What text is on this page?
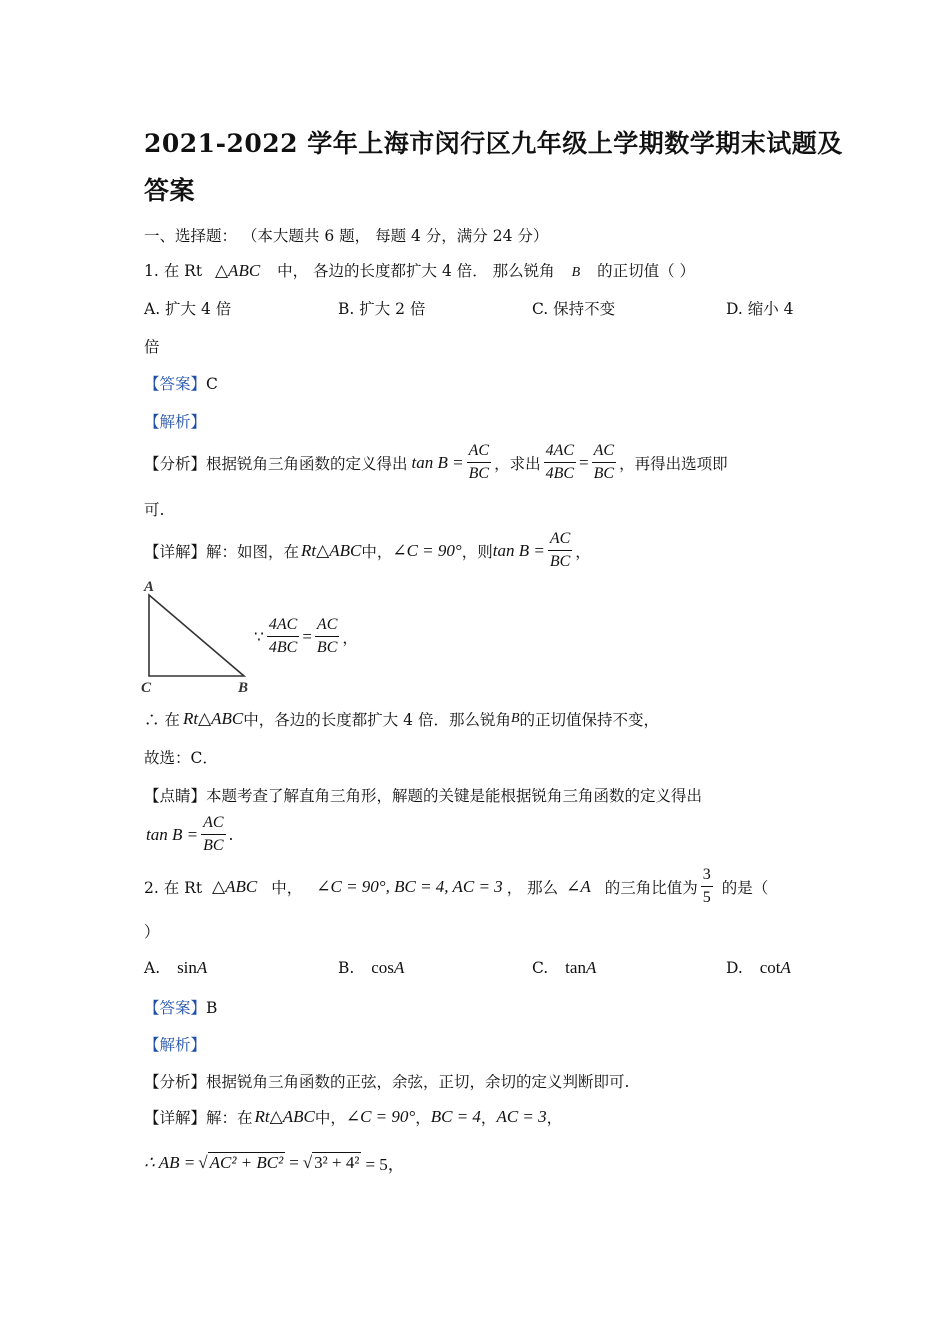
2021-2022 学年上海市闵行区九年级上学期数学期末试题及
答案
一、选择题： （本大题共 6 题， 每题 4 分，满分 24 分）
1. 在 Rt △ABC 中， 各边的长度都扩大 4 倍． 那么锐角 B 的正切值（ ）
A. 扩大 4 倍	B. 扩大 2 倍	C. 保持不变	D. 缩小 4
倍
【答案】C
【解析】
【分析】 根据锐角三角函数的定义得出 $\tan B = \frac{AC}{BC}$ ，求出 $\frac{4AC}{4BC} = \frac{AC}{BC}$ ，再得出选项即
可.
【详解】 解：如图，在 Rt△ABC 中， ∠C = 90° ，则 $\tan B = \frac{AC}{BC}$ ，
A
C	B
∵ $\frac{4AC}{4BC} = \frac{AC}{BC}$ ，
∴ 在 Rt△ABC 中，各边的长度都扩大 4 倍．那么锐角 B 的正切值保持不变，
故选：C．
【点睛】本题考查了解直角三角形，解题的关键是能根据锐角三角函数的定义得出
$\tan B = \frac{AC}{BC}$ .
2. 在 Rt △ABC 中， ∠C = 90°, BC = 4, AC = 3 ， 那么 ∠A 的三角比值为 $\frac{3}{5}$ 的是（
）
A. sinA	B. cosA	C. tanA	D. cotA
【答案】B
【解析】
【分析】根据锐角三角函数的正弦，余弦，正切，余切的定义判断即可.
【详解】 解：在 Rt△ABC 中， ∠C = 90° ， BC = 4 ， AC = 3 ，
∴ AB = √ AC² + BC² = √ 3² + 4² = 5，
